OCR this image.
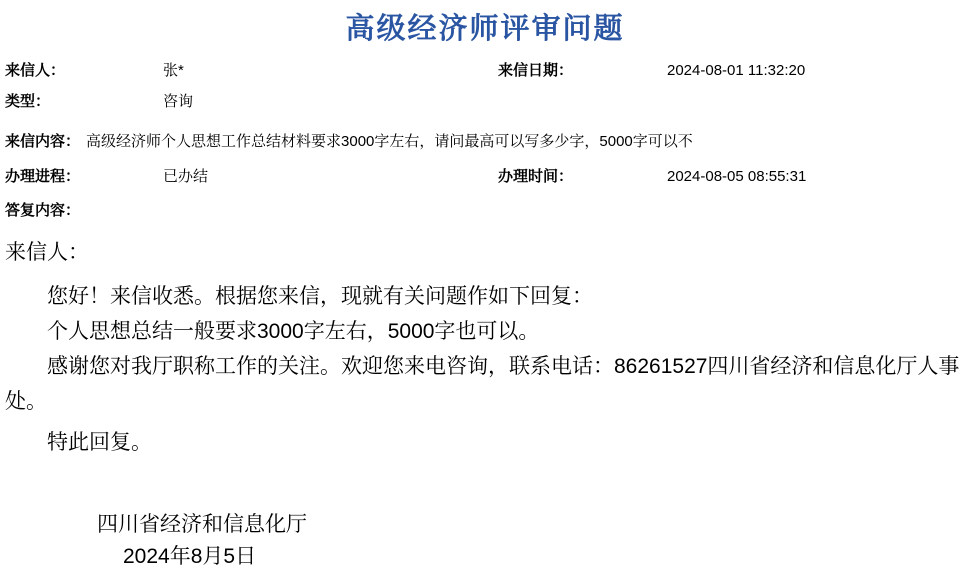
高级经济师评审问题
来信人：	张*	来信日期：	2024-08-01 11:32:20
类型：	咨询
来信内容： 高级经济师个人思想工作总结材料要求3000字左右，请问最高可以写多少字，5000字可以不
办理进程：	已办结	办理时间：	2024-08-05 08:55:31
答复内容：
来信人：
您好！来信收悉。根据您来信，现就有关问题作如下回复：
个人思想总结一般要求3000字左右，5000字也可以。
感谢您对我厅职称工作的关注。欢迎您来电咨询，联系电话：86261527四川省经济和信息化厅人事
处。
特此回复。
四川省经济和信息化厅
2024年8月5日
